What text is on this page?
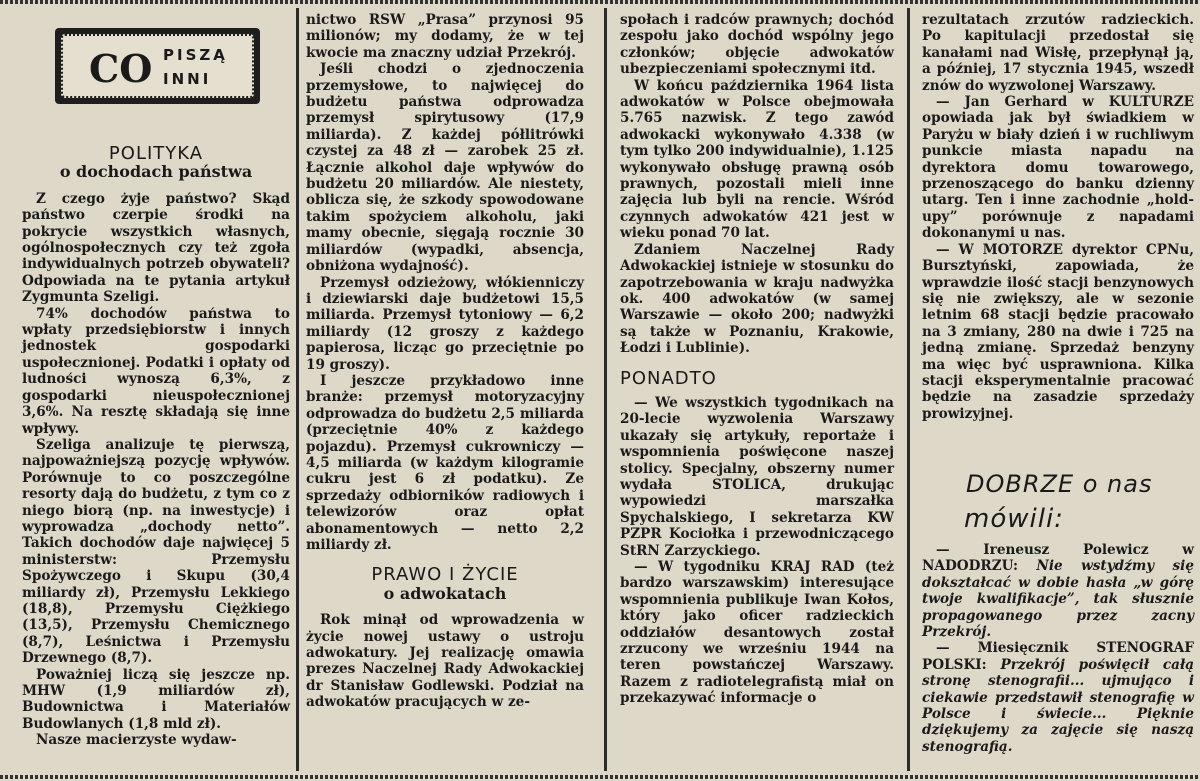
CO PISZĄ
INNI
POLITYKA
o dochodach państwa

Z czego żyje państwo? Skąd państwo czerpie środki na pokrycie wszystkich własnych, ogólnospołecznych czy też zgoła indywidualnych potrzeb obywateli? Odpowiada na te pytania artykuł Zygmunta Szeligi.

74% dochodów państwa to wpłaty przedsiębiorstw i innych jednostek gospodarki uspołecznionej. Podatki i opłaty od ludności wynoszą 6,3%, z gospodarki nieuspołecznionej 3,6%. Na resztę składają się inne wpływy.

Szeliga analizuje tę pierwszą, najpoważniejszą pozycję wpływów. Porównuje to co poszczególne resorty dają do budżetu, z tym co z niego biorą (np. na inwestycje) i wyprowadza „dochody netto”. Takich dochodów daje najwięcej 5 ministerstw: Przemysłu Spożywczego i Skupu (30,4 miliardy zł), Przemysłu Lekkiego (18,8), Przemysłu Ciężkiego (13,5), Przemysłu Chemicznego (8,7), Leśnictwa i Przemysłu Drzewnego (8,7).

Poważniej liczą się jeszcze np. MHW (1,9 miliardów zł), Budownictwa i Materiałów Budowlanych (1,8 mld zł).

Nasze macierzyste wydaw-

nictwo RSW „Prasa” przynosi 95 milionów; my dodamy, że w tej kwocie ma znaczny udział Przekrój.

Jeśli chodzi o zjednoczenia przemysłowe, to najwięcej do budżetu państwa odprowadza przemysł spirytusowy (17,9 miliarda). Z każdej półlitrówki czystej za 48 zł — zarobek 25 zł. Łącznie alkohol daje wpływów do budżetu 20 miliardów. Ale niestety, oblicza się, że szkody spowodowane takim spożyciem alkoholu, jaki mamy obecnie, sięgają rocznie 30 miliardów (wypadki, absencja, obniżona wydajność).

Przemysł odzieżowy, włókienniczy i dziewiarski daje budżetowi 15,5 miliarda. Przemysł tytoniowy — 6,2 miliardy (12 groszy z każdego papierosa, licząc go przeciętnie po 19 groszy).

I jeszcze przykładowo inne branże: przemysł motoryzacyjny odprowadza do budżetu 2,5 miliarda (przeciętnie 40% z każdego pojazdu). Przemysł cukrowniczy — 4,5 miliarda (w każdym kilogramie cukru jest 6 zł podatku). Ze sprzedaży odbiorników radiowych i telewizorów oraz opłat abonamentowych — netto 2,2 miliardy zł.

PRAWO I ŻYCIE
o adwokatach

Rok minął od wprowadzenia w życie nowej ustawy o ustroju adwokatury. Jej realizację omawia prezes Naczelnej Rady Adwokackiej dr Stanisław Godlewski. Podział na adwokatów pracujących w ze-

społach i radców prawnych; dochód zespołu jako dochód wspólny jego członków; objęcie adwokatów ubezpieczeniami społecznymi itd.

W końcu października 1964 lista adwokatów w Polsce obejmowała 5.765 nazwisk. Z tego zawód adwokacki wykonywało 4.338 (w tym tylko 200 indywidualnie), 1.125 wykonywało obsługę prawną osób prawnych, pozostali mieli inne zajęcia lub byli na rencie. Wśród czynnych adwokatów 421 jest w wieku ponad 70 lat.

Zdaniem Naczelnej Rady Adwokackiej istnieje w stosunku do zapotrzebowania w kraju nadwyżka ok. 400 adwokatów (w samej Warszawie — około 200; nadwyżki są także w Poznaniu, Krakowie, Łodzi i Lublinie).

PONADTO

— We wszystkich tygodnikach na 20-lecie wyzwolenia Warszawy ukazały się artykuły, reportaże i wspomnienia poświęcone naszej stolicy. Specjalny, obszerny numer wydała STOLICA, drukując wypowiedzi marszałka Spychalskiego, I sekretarza KW PZPR Kociołka i przewodniczącego StRN Zarzyckiego.

— W tygodniku KRAJ RAD (też bardzo warszawskim) interesujące wspomnienia publikuje Iwan Kołos, który jako oficer radzieckich oddziałów desantowych został zrzucony we wrześniu 1944 na teren powstańczej Warszawy. Razem z radiotelegrafistą miał on przekazywać informacje o

rezultatach zrzutów radzieckich. Po kapitulacji przedostał się kanałami nad Wisłę, przepłynął ją, a później, 17 stycznia 1945, wszedł znów do wyzwolonej Warszawy.

— Jan Gerhard w KULTURZE opowiada jak był świadkiem w Paryżu w biały dzień i w ruchliwym punkcie miasta napadu na dyrektora domu towarowego, przenoszącego do banku dzienny utarg. Ten i inne zachodnie „hold-upy” porównuje z napadami dokonanymi u nas.

— W MOTORZE dyrektor CPNu, Bursztyński, zapowiada, że wprawdzie ilość stacji benzynowych się nie zwiększy, ale w sezonie letnim 68 stacji będzie pracowało na 3 zmiany, 280 na dwie i 725 na jedną zmianę. Sprzedaż benzyny ma więc być usprawniona. Kilka stacji eksperymentalnie pracować będzie na zasadzie sprzedaży prowizyjnej.

DOBRZE o nas
mówili:

— Ireneusz Polewicz w NADODRZU: Nie wstydźmy się dokształcać w dobie hasła „w górę twoje kwalifikacje”, tak słusznie propagowanego przez zacny Przekrój.

— Miesięcznik STENOGRAF POLSKI: Przekrój poświęcił całą stronę stenografii... ujmująco i ciekawie przedstawił stenografię w Polsce i świecie... Pięknie dziękujemy za zajęcie się naszą stenografią.
